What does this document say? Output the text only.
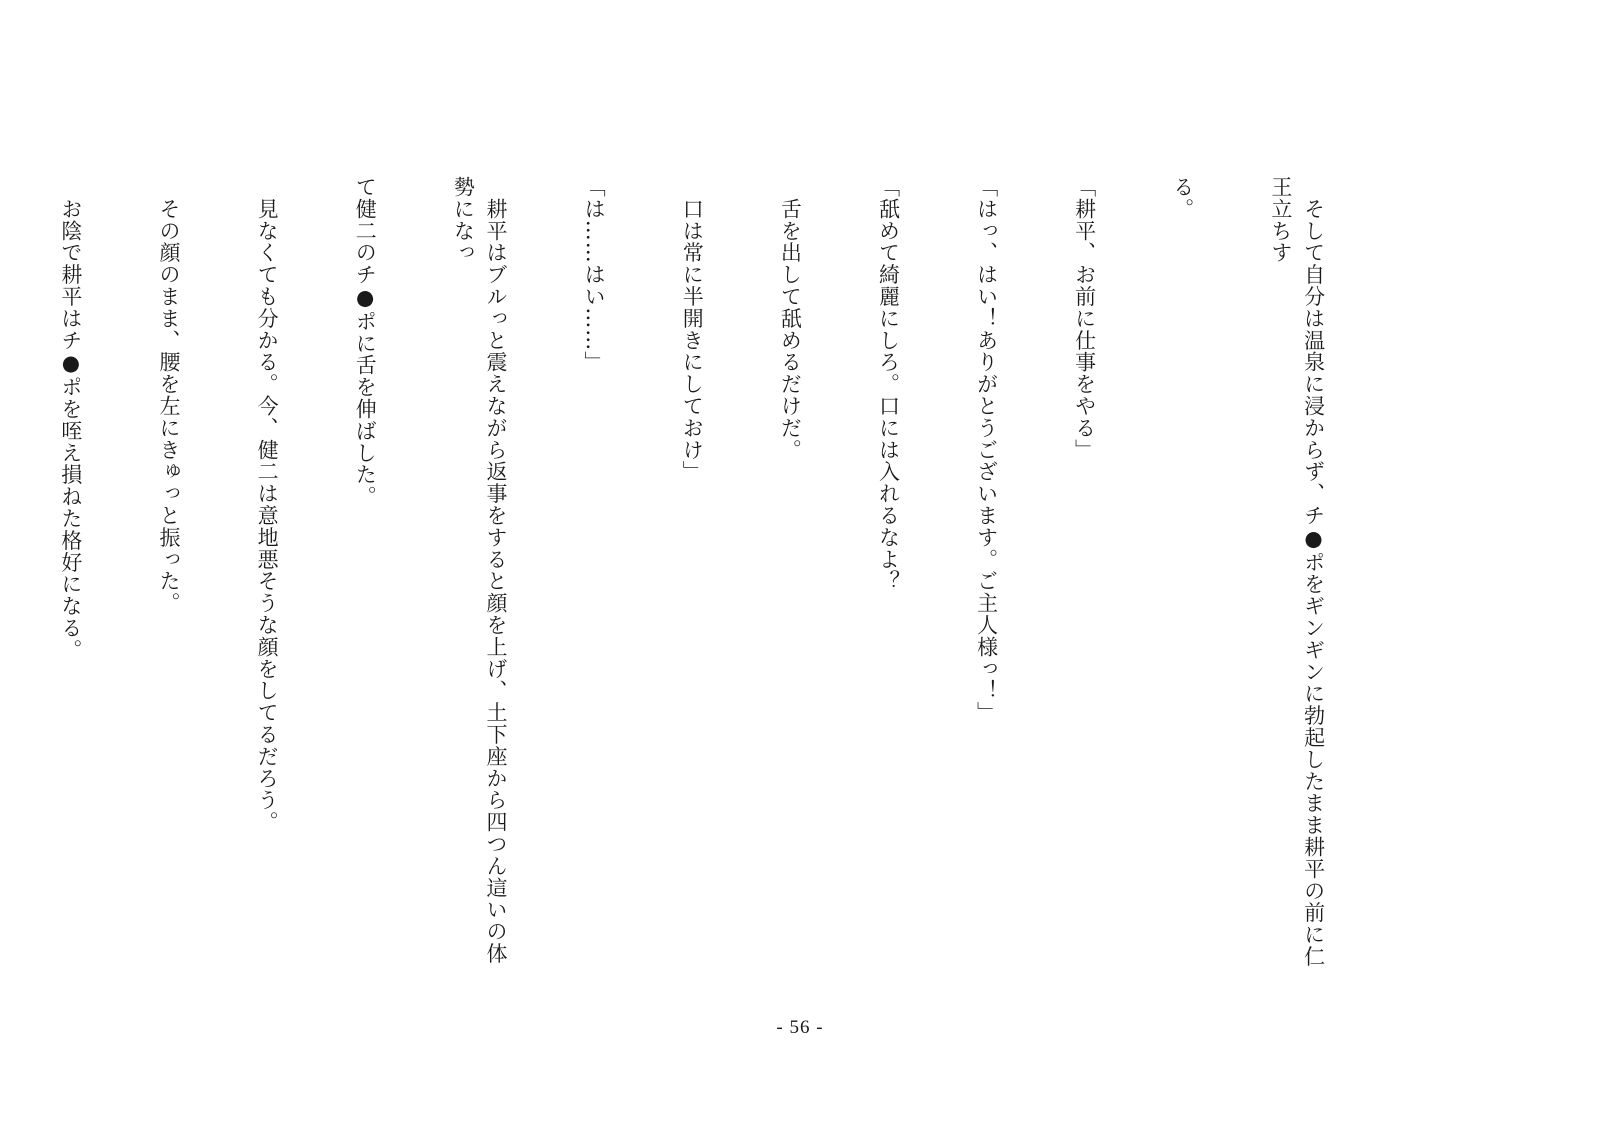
　そして自分は温泉に浸からず、チ●ポをギンギンに勃起したまま耕平の前に仁王立ちす

る。

「耕平、お前に仕事をやる」

「はっ、はい！ありがとうございます。ご主人様っ！」

「舐めて綺麗にしろ。口には入れるなよ？

　舌を出して舐めるだけだ。

　口は常に半開きにしておけ」

「は……はい……」

　耕平はブルっと震えながら返事をすると顔を上げ、土下座から四つん這いの体勢になっ

て健二のチ●ポに舌を伸ばした。

　見なくても分かる。今、健二は意地悪そうな顔をしてるだろう。

　その顔のまま、腰を左にきゅっと振った。

　お陰で耕平はチ●ポを咥え損ねた格好になる。

- 56 -
